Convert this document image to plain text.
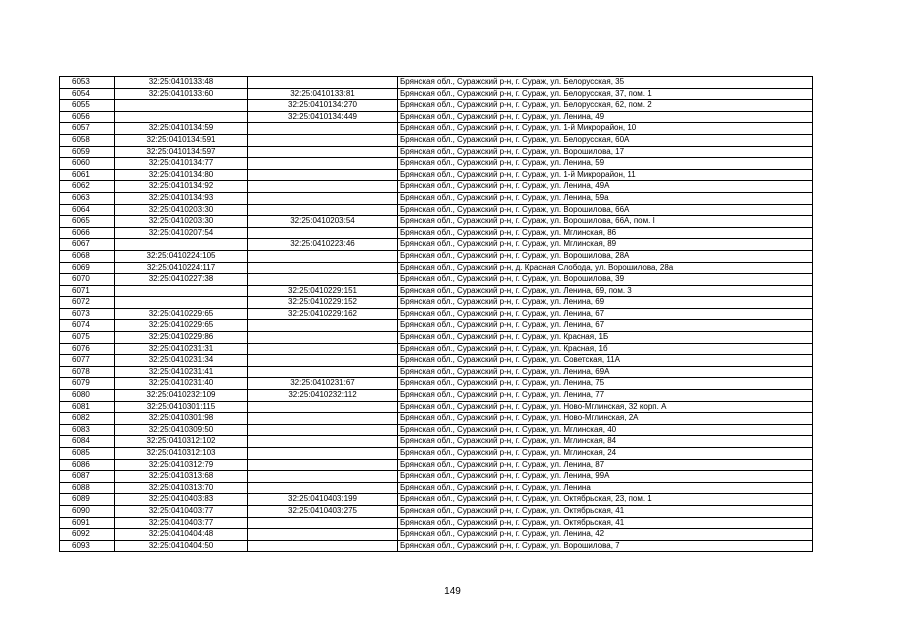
6053	32:25:0410133:48		Брянская обл., Суражский р-н, г. Сураж, ул. Белорусская, 35
6054	32:25:0410133:60	32:25:0410133:81	Брянская обл., Суражский р-н, г. Сураж, ул. Белорусская, 37, пом. 1
6055		32:25:0410134:270	Брянская обл., Суражский р-н, г. Сураж, ул. Белорусская, 62, пом. 2
6056		32:25:0410134:449	Брянская обл., Суражский р-н, г. Сураж, ул. Ленина, 49
6057	32:25:0410134:59		Брянская обл., Суражский р-н, г. Сураж, ул. 1-й Микрорайон, 10
6058	32:25:0410134:591		Брянская обл., Суражский р-н, г. Сураж, ул. Белорусская, 60А
6059	32:25:0410134:597		Брянская обл., Суражский р-н, г. Сураж, ул. Ворошилова, 17
6060	32:25:0410134:77		Брянская обл., Суражский р-н, г. Сураж, ул. Ленина, 59
6061	32:25:0410134:80		Брянская обл., Суражский р-н, г. Сураж, ул. 1-й Микрорайон, 11
6062	32:25:0410134:92		Брянская обл., Суражский р-н, г. Сураж, ул. Ленина, 49А
6063	32:25:0410134:93		Брянская обл., Суражский р-н, г. Сураж, ул. Ленина, 59а
6064	32:25:0410203:30		Брянская обл., Суражский р-н, г. Сураж, ул. Ворошилова, 66А
6065	32:25:0410203:30	32:25:0410203:54	Брянская обл., Суражский р-н, г. Сураж, ул. Ворошилова, 66А, пом. I
6066	32:25:0410207:54		Брянская обл., Суражский р-н, г. Сураж, ул. Мглинская, 86
6067		32:25:0410223:46	Брянская обл., Суражский р-н, г. Сураж, ул. Мглинская, 89
6068	32:25:0410224:105		Брянская обл., Суражский р-н, г. Сураж, ул. Ворошилова, 28А
6069	32:25:0410224:117		Брянская обл., Суражский р-н, д. Красная Слобода, ул. Ворошилова, 28а
6070	32:25:0410227:38		Брянская обл., Суражский р-н, г. Сураж, ул. Ворошилова, 39
6071		32:25:0410229:151	Брянская обл., Суражский р-н, г. Сураж, ул. Ленина, 69, пом. 3
6072		32:25:0410229:152	Брянская обл., Суражский р-н, г. Сураж, ул. Ленина, 69
6073	32:25:0410229:65	32:25:0410229:162	Брянская обл., Суражский р-н, г. Сураж, ул. Ленина, 67
6074	32:25:0410229:65		Брянская обл., Суражский р-н, г. Сураж, ул. Ленина, 67
6075	32:25:0410229:86		Брянская обл., Суражский р-н, г. Сураж, ул. Красная, 1Б
6076	32:25:0410231:31		Брянская обл., Суражский р-н, г. Сураж, ул. Красная, 1б
6077	32:25:0410231:34		Брянская обл., Суражский р-н, г. Сураж, ул. Советская, 11А
6078	32:25:0410231:41		Брянская обл., Суражский р-н, г. Сураж, ул. Ленина, 69А
6079	32:25:0410231:40	32:25:0410231:67	Брянская обл., Суражский р-н, г. Сураж, ул. Ленина, 75
6080	32:25:0410232:109	32:25:0410232:112	Брянская обл., Суражский р-н, г. Сураж, ул. Ленина, 77
6081	32:25:0410301:115		Брянская обл., Суражский р-н, г. Сураж, ул. Ново-Мглинская, 32 корп. А
6082	32:25:0410301:98		Брянская обл., Суражский р-н, г. Сураж, ул. Ново-Мглинская, 2А
6083	32:25:0410309:50		Брянская обл., Суражский р-н, г. Сураж, ул. Мглинская, 40
6084	32:25:0410312:102		Брянская обл., Суражский р-н, г. Сураж, ул. Мглинская, 84
6085	32:25:0410312:103		Брянская обл., Суражский р-н, г. Сураж, ул. Мглинская, 24
6086	32:25:0410312:79		Брянская обл., Суражский р-н, г. Сураж, ул. Ленина, 87
6087	32:25:0410313:68		Брянская обл., Суражский р-н, г. Сураж, ул. Ленина, 99А
6088	32:25:0410313:70		Брянская обл., Суражский р-н, г. Сураж, ул. Ленина
6089	32:25:0410403:83	32:25:0410403:199	Брянская обл., Суражский р-н, г. Сураж, ул. Октябрьская, 23, пом. 1
6090	32:25:0410403:77	32:25:0410403:275	Брянская обл., Суражский р-н, г. Сураж, ул. Октябрьская, 41
6091	32:25:0410403:77		Брянская обл., Суражский р-н, г. Сураж, ул. Октябрьская, 41
6092	32:25:0410404:48		Брянская обл., Суражский р-н, г. Сураж, ул. Ленина, 42
6093	32:25:0410404:50		Брянская обл., Суражский р-н, г. Сураж, ул. Ворошилова, 7
149
